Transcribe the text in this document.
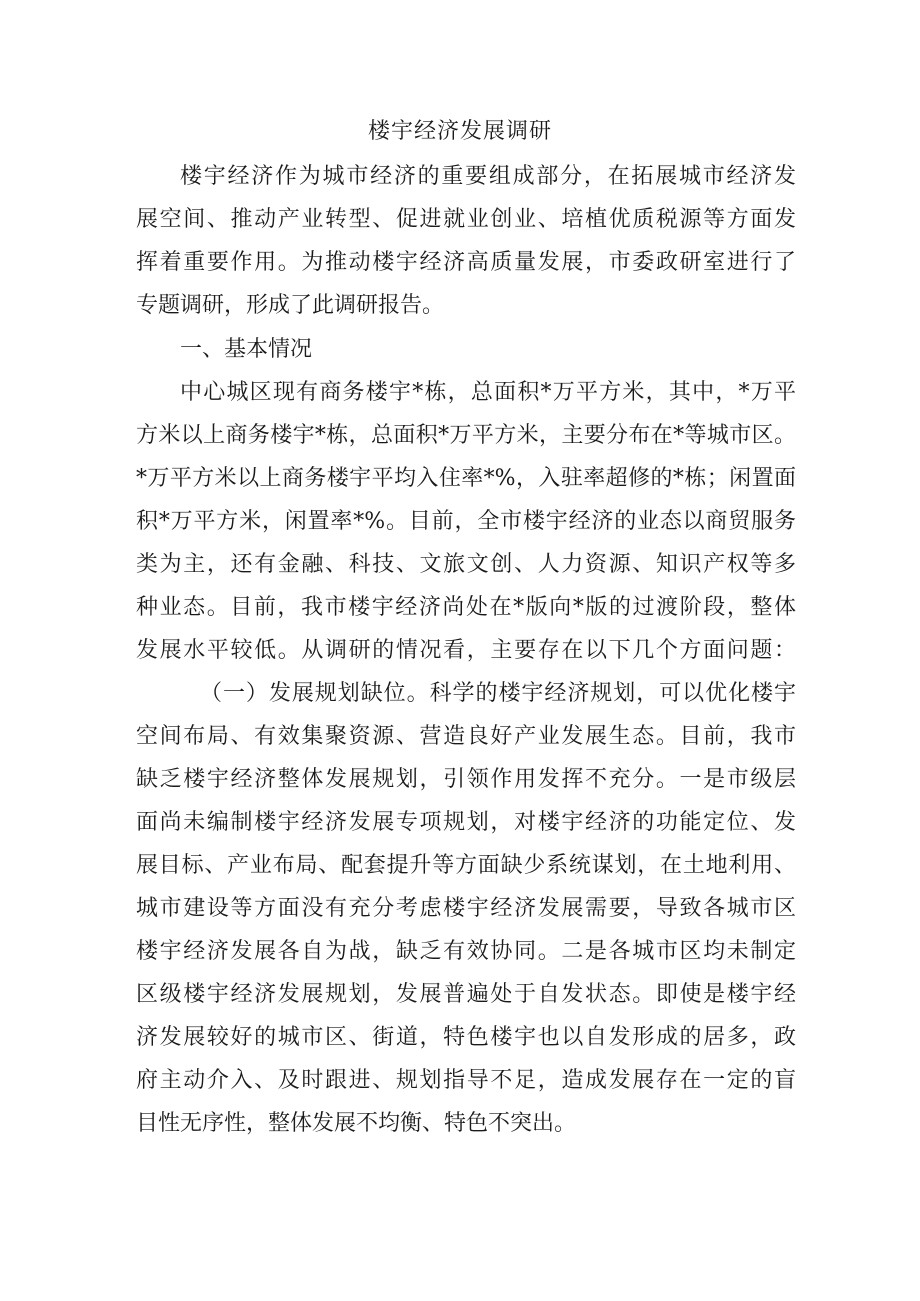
楼宇经济发展调研
楼宇经济作为城市经济的重要组成部分，在拓展城市经济发
展空间、推动产业转型、促进就业创业、培植优质税源等方面发
挥着重要作用。为推动楼宇经济高质量发展，市委政研室进行了
专题调研，形成了此调研报告。
一、基本情况
中心城区现有商务楼宇*栋，总面积*万平方米，其中，*万平
方米以上商务楼宇*栋，总面积*万平方米，主要分布在*等城市区。
*万平方米以上商务楼宇平均入住率*%，入驻率超修的*栋；闲置面
积*万平方米，闲置率*%。目前，全市楼宇经济的业态以商贸服务
类为主，还有金融、科技、文旅文创、人力资源、知识产权等多
种业态。目前，我市楼宇经济尚处在*版向*版的过渡阶段，整体
发展水平较低。从调研的情况看，主要存在以下几个方面问题：
（一）发展规划缺位。科学的楼宇经济规划，可以优化楼宇
空间布局、有效集聚资源、营造良好产业发展生态。目前，我市
缺乏楼宇经济整体发展规划，引领作用发挥不充分。一是市级层
面尚未编制楼宇经济发展专项规划，对楼宇经济的功能定位、发
展目标、产业布局、配套提升等方面缺少系统谋划，在土地利用、
城市建设等方面没有充分考虑楼宇经济发展需要，导致各城市区
楼宇经济发展各自为战，缺乏有效协同。二是各城市区均未制定
区级楼宇经济发展规划，发展普遍处于自发状态。即使是楼宇经
济发展较好的城市区、街道，特色楼宇也以自发形成的居多，政
府主动介入、及时跟进、规划指导不足，造成发展存在一定的盲
目性无序性，整体发展不均衡、特色不突出。
